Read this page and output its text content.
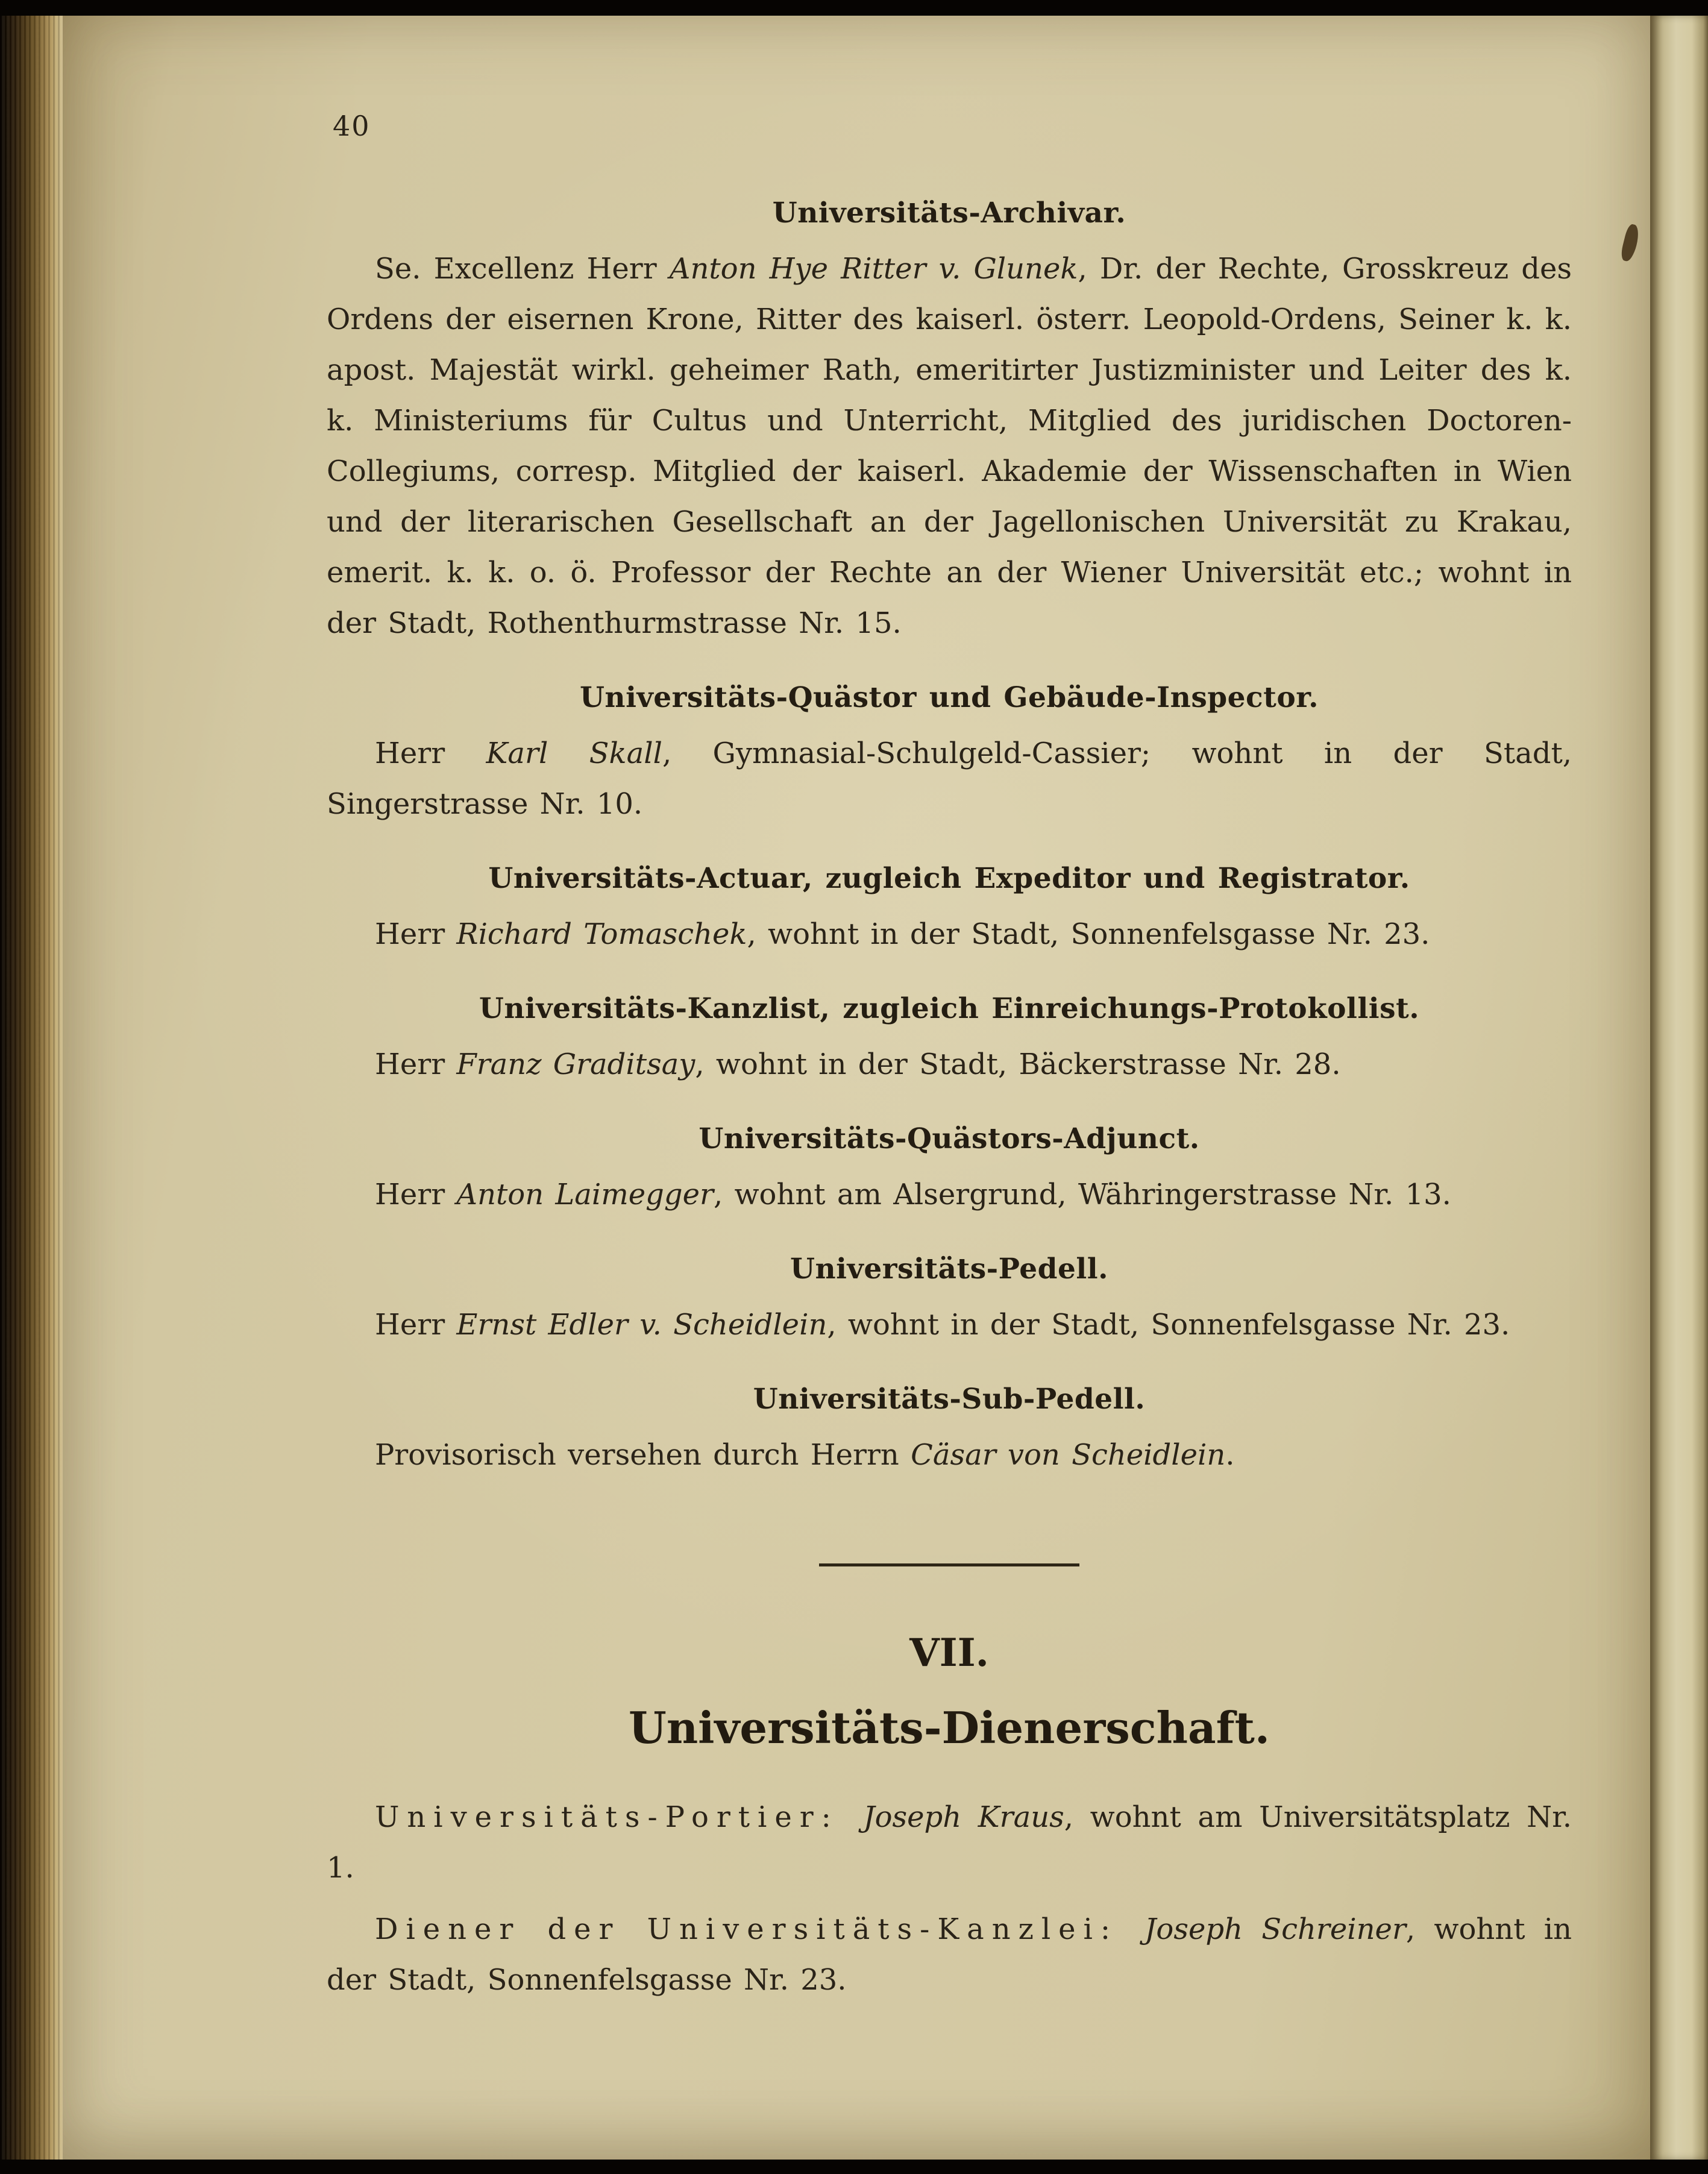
40
Universitäts-Archivar.

Se. Excellenz Herr Anton Hye Ritter v. Glunek, Dr. der Rechte, Grosskreuz des Ordens der eisernen Krone, Ritter des kaiserl. österr. Leopold-Ordens, Seiner k. k. apost. Majestät wirkl. geheimer Rath, emeritirter Justizminister und Leiter des k. k. Ministeriums für Cultus und Unterricht, Mitglied des juridischen Doctoren-Collegiums, corresp. Mitglied der kaiserl. Akademie der Wissenschaften in Wien und der literarischen Gesellschaft an der Jagellonischen Universität zu Krakau, emerit. k. k. o. ö. Professor der Rechte an der Wiener Universität etc.; wohnt in der Stadt, Rothenthurmstrasse Nr. 15.

Universitäts-Quästor und Gebäude-Inspector.

Herr Karl Skall, Gymnasial-Schulgeld-Cassier; wohnt in der Stadt, Singerstrasse Nr. 10.

Universitäts-Actuar, zugleich Expeditor und Registrator.

Herr Richard Tomaschek, wohnt in der Stadt, Sonnenfelsgasse Nr. 23.

Universitäts-Kanzlist, zugleich Einreichungs-Protokollist.

Herr Franz Graditsay, wohnt in der Stadt, Bäckerstrasse Nr. 28.

Universitäts-Quästors-Adjunct.

Herr Anton Laimegger, wohnt am Alsergrund, Währingerstrasse Nr. 13.

Universitäts-Pedell.

Herr Ernst Edler v. Scheidlein, wohnt in der Stadt, Sonnenfelsgasse Nr. 23.

Universitäts-Sub-Pedell.

Provisorisch versehen durch Herrn Cäsar von Scheidlein.

VII.
Universitäts-Dienerschaft.

Universitäts-Portier: Joseph Kraus, wohnt am Universitätsplatz Nr. 1.

Diener der Universitäts-Kanzlei: Joseph Schreiner, wohnt in der Stadt, Sonnenfelsgasse Nr. 23.
